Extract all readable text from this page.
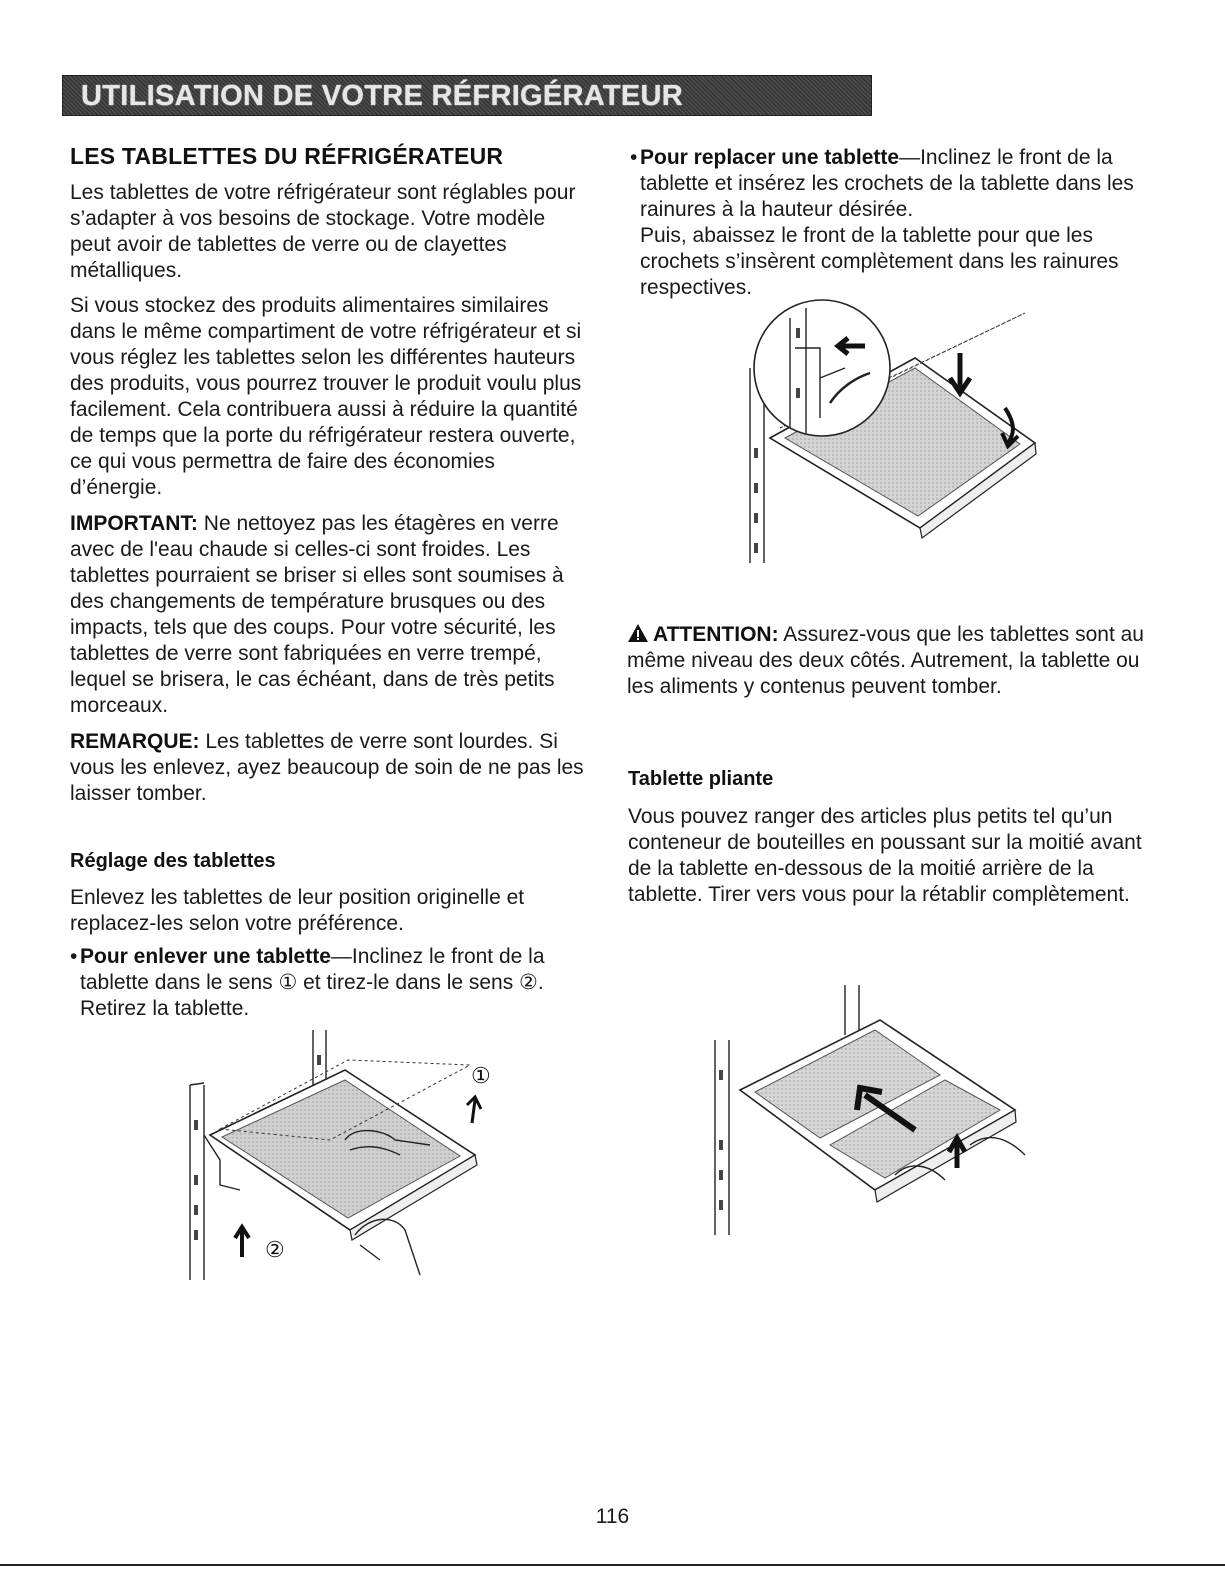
UTILISATION DE VOTRE RÉFRIGÉRATEUR
LES TABLETTES DU RÉFRIGÉRATEUR

Les tablettes de votre réfrigérateur sont réglables pour s’adapter à vos besoins de stockage. Votre modèle peut avoir de tablettes de verre ou de clayettes métalliques.

Si vous stockez des produits alimentaires similaires dans le même compartiment de votre réfrigérateur et si vous réglez les tablettes selon les différentes hauteurs des produits, vous pourrez trouver le produit voulu plus facilement. Cela contribuera aussi à réduire la quantité de temps que la porte du réfrigérateur restera ouverte, ce qui vous permettra de faire des économies d’énergie.

IMPORTANT: Ne nettoyez pas les étagères en verre avec de l'eau chaude si celles-ci sont froides. Les tablettes pourraient se briser si elles sont soumises à des changements de température brusques ou des impacts, tels que des coups. Pour votre sécurité, les tablettes de verre sont fabriquées en verre trempé, lequel se brisera, le cas échéant, dans de très petits morceaux.

REMARQUE: Les tablettes de verre sont lourdes. Si vous les enlevez, ayez beaucoup de soin de ne pas les laisser tomber.

Réglage des tablettes

Enlevez les tablettes de leur position originelle et replacez-les selon votre préférence.

• Pour enlever une tablette—Inclinez le front de la tablette dans le sens ① et tirez-le dans le sens ②. Retirez la tablette.
①
②
• Pour replacer une tablette—Inclinez le front de la tablette et insérez les crochets de la tablette dans les rainures à la hauteur désirée.

Puis, abaissez le front de la tablette pour que les crochets s’insèrent complètement dans les rainures respectives.

ATTENTION: Assurez-vous que les tablettes sont au même niveau des deux côtés. Autrement, la tablette ou les aliments y contenus peuvent tomber.
Tablette pliante

Vous pouvez ranger des articles plus petits tel qu’un conteneur de bouteilles en poussant sur la moitié avant de la tablette en-dessous de la moitié arrière de la tablette. Tirer vers vous pour la rétablir complètement.

116
